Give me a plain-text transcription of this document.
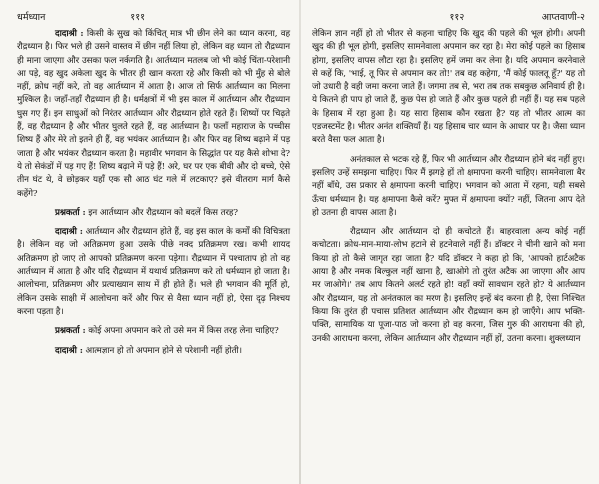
धर्मध्यान	१११

दादाश्री : किसी के सुख को किंचित् मात्र भी छीन लेने का ध्यान करना, वह रौद्रध्यान है। फिर भले ही उसने वास्तव में छीन नहीं लिया हो, लेकिन वह ध्यान तो रौद्रध्यान ही माना जाएगा और उसका फल नर्कगति है। आर्तध्यान मतलब जो भी कोई चिंता-परेशानी आ पड़े, वह खुद अकेला खुद के भीतर ही खान करता रहे और किसी को भी मुँह से बोले नहीं, क्रोध नहीं करे, तो वह आर्तध्यान में आता है। आज तो सिर्फ आर्तध्यान का मिलना मुश्किल है। जहाँ-तहाँ रौद्रध्यान ही है। धर्मक्षत्रों में भी इस काल में आर्तध्यान और रौद्रध्यान घुस गए हैं। इन साधुओं को निरंतर आर्तध्यान और रौद्रध्यान होते रहते हैं। शिष्यों पर चिढ़ते हैं, वह रौद्रध्यान है और भीतर घुलते रहते हैं, वह आर्तध्यान है। फलाँ महाराज के पच्चीस शिष्य हैं और मेरे तो इतने ही हैं, वह भयंकर आर्तध्यान है। और फिर वह शिष्य बढ़ाने में पड़ जाता है और भयंकर रौद्रध्यान करता है। महावीर भगवान के सिद्धांत पर यह कैसे शोभा दे? ये तो सेकंडों में पड़ गए हैं! शिष्य बढ़ाने में पड़े हैं! अरे, घर पर एक बीवी और दो बच्चे, ऐसे तीन घंट थे, वे छोड़कर यहाँ एक सौ आठ घंट गले में लटकाए? इसे वीतराग मार्ग कैसे कहेंगे?

प्रश्नकर्ता : इन आर्तध्यान और रौद्रध्यान को बदलें किस तरह?

दादाश्री : आर्तध्यान और रौद्रध्यान होते हैं, वह इस काल के कर्मों की विचित्रता है। लेकिन वह जो अतिक्रमण हुआ उसके पीछे नक्द प्रतिक्रमण रख। कभी शायद अतिक्रमण हो जाए तो आपको प्रतिक्रमण करना पड़ेगा। रौद्रध्यान में पश्चाताप हो तो वह आर्तध्यान में आता है और यदि रौद्रध्यान में यथार्थ प्रतिक्रमण करे तो धर्मध्यान हो जाता है। आलोचना, प्रतिक्रमण और प्रत्याख्यान साथ में ही होते हैं। भले ही भगवान की मूर्ति हो, लेकिन उसके साक्षी में आलोचना करें और फिर से वैसा ध्यान नहीं हो, ऐसा दृढ़ निश्चय करना पड़ता है।

प्रश्नकर्ता : कोई अपना अपमान करे तो उसे मन में किस तरह लेना चाहिए?

दादाश्री : आत्मज्ञान हो तो अपमान होने से परेशानी नहीं होती।

११२	आप्तवाणी-२

लेकिन ज्ञान नहीं हो तो भीतर से कहना चाहिए कि खुद की पहले की भूल होगी। अपनी खुद की ही भूल होगी, इसलिए सामनेवाला अपमान कर रहा है। मेरा कोई पहले का हिसाब होगा, इसलिए वापस लौटा रहा है। इसलिए हमें जमा कर लेना है। यदि अपमान करनेवाले से कहें कि, 'भाई, तू फिर से अपमान कर तो!' तब वह कहेगा, 'मैं कोई फालतू हूँ?' यह तो जो उधारी है वही जमा करना जाते हैं। जगमा तब से, भरा तब तक सबकुछ अनिवार्य ही है। ये कितने ही पाप हो जाते हैं, कुछ पेस हो जाते हैं और कुछ पहले ही नहीं हैं। यह सब पहले के हिसाब में रहा हुआ है। यह सारा हिसाब कौन रखता है? यह तो भीतर आत्म का एडजस्टमेंट है। भीतर अनंत शक्तियाँ हैं। यह हिसाब चार ध्यान के आधार पर है। जैसा ध्यान बरते वैसा फल आता है।

अनंतकाल से भटक रहे हैं, फिर भी आर्तध्यान और रौद्रध्यान होने बंद नहीं हुए। इसलिए उन्हें समझना चाहिए। फिर मैं झगड़े हों तो क्षमापना करनी चाहिए। सामनेवाला बैर नहीं बाँधे, उस प्रकार से क्षमापना करनी चाहिए। भगवान को आता में रहना, यही सबसे ऊँचा धर्मध्यान है। यह क्षमापना कैसे करें? मुफ्त में क्षमापना क्यों? नहीं, जितना आप देते हो उतना ही वापस आता है।

रौद्रध्यान और आर्तध्यान दो ही कचोटते हैं। बाहरवाला अन्य कोई नहीं कचोटता। क्रोध-मान-माया-लोभ हटाने से हटनेवाले नहीं हैं। डॉक्टर ने चीनी खाने को मना किया हो तो कैसे जागृत रहा जाता है? यदि डॉक्टर ने कहा हो कि, 'आपको हार्टअटैक आया है और नमक बिल्कुल नहीं खाना है, खाओगे तो तुरंत अटैक आ जाएगा और आप मर जाओगे।' तब आप कितने अलर्ट रहते हो! वहाँ क्यों सावधान रहते हो? ये आर्तध्यान और रौद्रध्यान, यह तो अनंतकाल का मरण है। इसलिए इन्हें बंद करना ही है, ऐसा निश्चित किया कि तुरंत ही पचास प्रतिशत आर्तध्यान और रौद्रध्यान कम हो जाएँगे। आप भक्ति-पक्ति, सामायिक या पूजा-पाठ जो करना हो वह करना, जिस गुरु की आराधना की हो, उनकी आराधना करना, लेकिन आर्तध्यान और रौद्रध्यान नहीं हों, उतना करना। शुक्लध्यान
